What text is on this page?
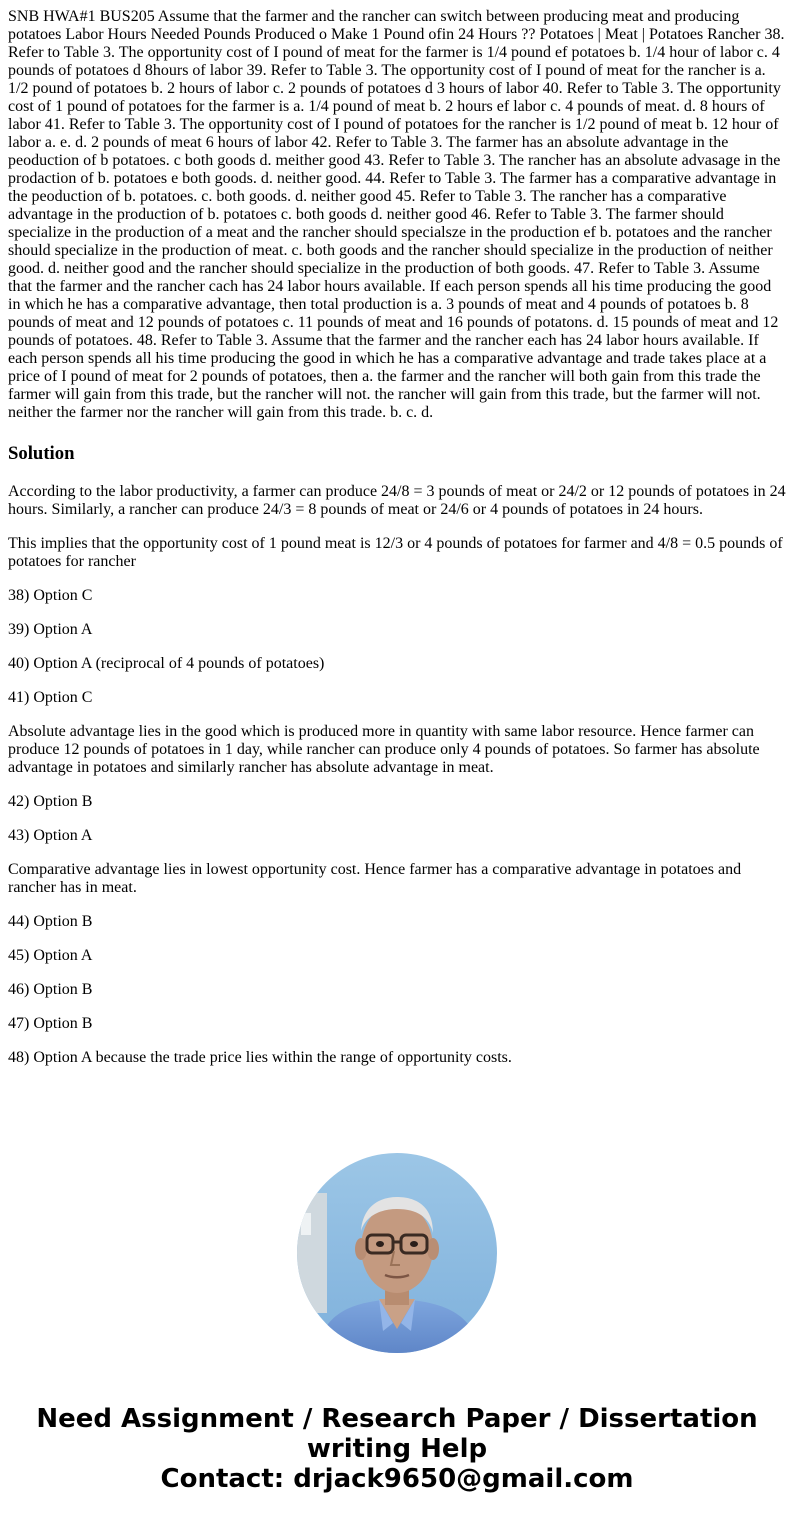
SNB HWA#1 BUS205 Assume that the farmer and the rancher can switch between producing meat and producing potatoes Labor Hours Needed Pounds Produced o Make 1 Pound ofin 24 Hours ?? Potatoes | Meat | Potatoes Rancher 38. Refer to Table 3. The opportunity cost of I pound of meat for the farmer is 1/4 pound ef potatoes b. 1/4 hour of labor c. 4 pounds of potatoes d 8hours of labor 39. Refer to Table 3. The opportunity cost of I pound of meat for the rancher is a. 1/2 pound of potatoes b. 2 hours of labor c. 2 pounds of potatoes d 3 hours of labor 40. Refer to Table 3. The opportunity cost of 1 pound of potatoes for the farmer is a. 1/4 pound of meat b. 2 hours ef labor c. 4 pounds of meat. d. 8 hours of labor 41. Refer to Table 3. The opportunity cost of I pound of potatoes for the rancher is 1/2 pound of meat b. 12 hour of labor a. e. d. 2 pounds of meat 6 hours of labor 42. Refer to Table 3. The farmer has an absolute advantage in the peoduction of b potatoes. c both goods d. meither good 43. Refer to Table 3. The rancher has an absolute advasage in the prodaction of b. potatoes e both goods. d. neither good. 44. Refer to Table 3. The farmer has a comparative advantage in the peoduction of b. potatoes. c. both goods. d. neither good 45. Refer to Table 3. The rancher has a comparative advantage in the production of b. potatoes c. both goods d. neither good 46. Refer to Table 3. The farmer should specialize in the production of a meat and the rancher should specialsze in the production ef b. potatoes and the rancher should specialize in the production of meat. c. both goods and the rancher should specialize in the production of neither good. d. neither good and the rancher should specialize in the production of both goods. 47. Refer to Table 3. Assume that the farmer and the rancher cach has 24 labor hours available. If each person spends all his time producing the good in which he has a comparative advantage, then total production is a. 3 pounds of meat and 4 pounds of potatoes b. 8 pounds of meat and 12 pounds of potatoes c. 11 pounds of meat and 16 pounds of potatons. d. 15 pounds of meat and 12 pounds of potatoes. 48. Refer to Table 3. Assume that the farmer and the rancher each has 24 labor hours available. If each person spends all his time producing the good in which he has a comparative advantage and trade takes place at a price of I pound of meat for 2 pounds of potatoes, then a. the farmer and the rancher will both gain from this trade the farmer will gain from this trade, but the rancher will not. the rancher will gain from this trade, but the farmer will not. neither the farmer nor the rancher will gain from this trade. b. c. d.

Solution

According to the labor productivity, a farmer can produce 24/8 = 3 pounds of meat or 24/2 or 12 pounds of potatoes in 24 hours. Similarly, a rancher can produce 24/3 = 8 pounds of meat or 24/6 or 4 pounds of potatoes in 24 hours.

This implies that the opportunity cost of 1 pound meat is 12/3 or 4 pounds of potatoes for farmer and 4/8 = 0.5 pounds of potatoes for rancher

38) Option C

39) Option A

40) Option A (reciprocal of 4 pounds of potatoes)

41) Option C

Absolute advantage lies in the good which is produced more in quantity with same labor resource. Hence farmer can produce 12 pounds of potatoes in 1 day, while rancher can produce only 4 pounds of potatoes. So farmer has absolute advantage in potatoes and similarly rancher has absolute advantage in meat.

42) Option B

43) Option A

Comparative advantage lies in lowest opportunity cost. Hence farmer has a comparative advantage in potatoes and rancher has in meat.

44) Option B

45) Option A

46) Option B

47) Option B

48) Option A because the trade price lies within the range of opportunity costs.

Need Assignment / Research Paper / Dissertation
writing Help
Contact: drjack9650@gmail.com
